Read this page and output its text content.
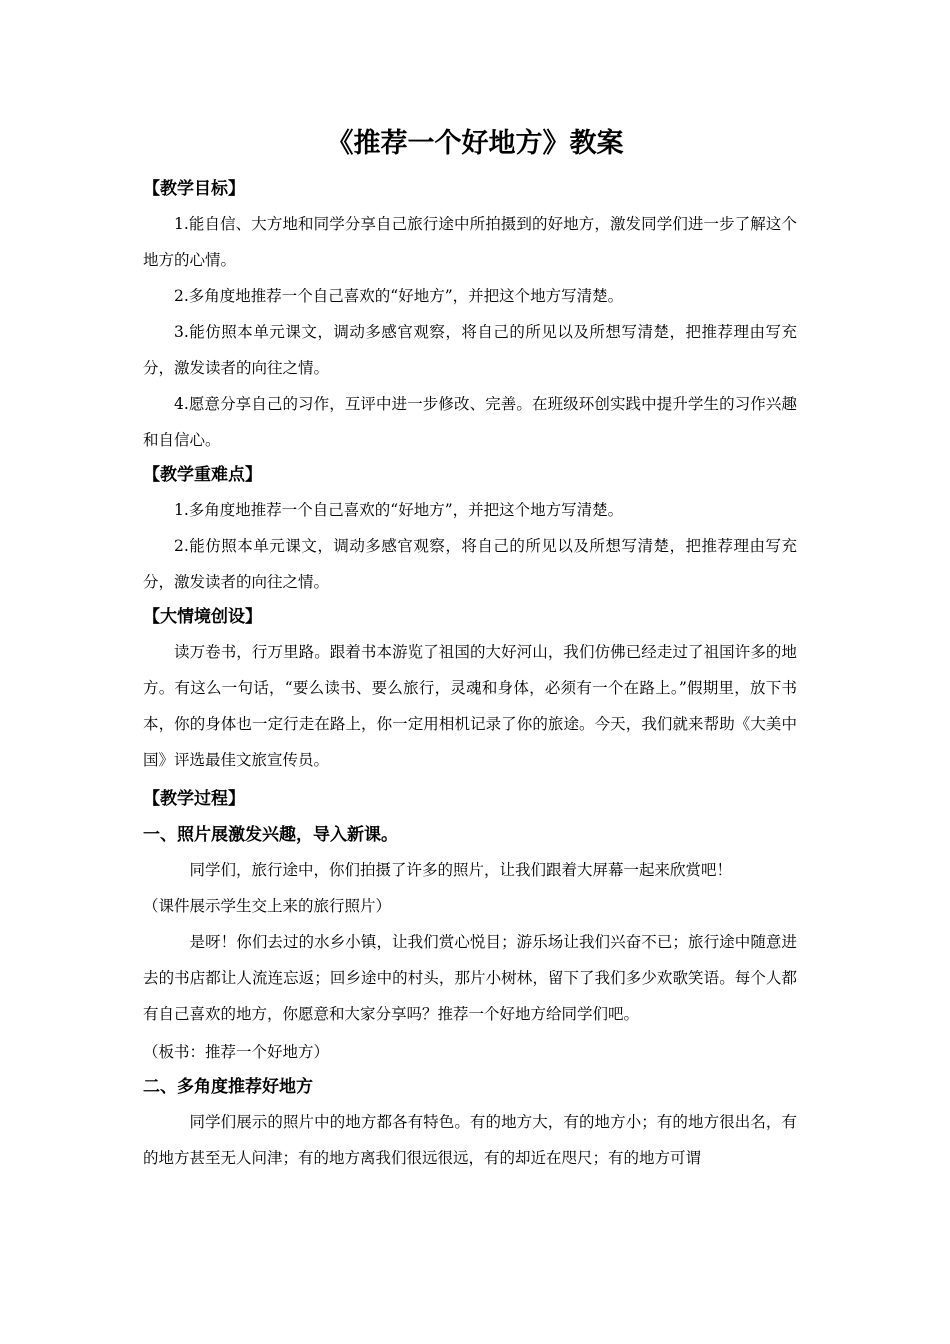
《推荐一个好地方》教案
【教学目标】

1.能自信、大方地和同学分享自己旅行途中所拍摄到的好地方，激发同学们进一步了解这个地方的心情。

2.多角度地推荐一个自己喜欢的“好地方”，并把这个地方写清楚。

3.能仿照本单元课文，调动多感官观察，将自己的所见以及所想写清楚，把推荐理由写充分，激发读者的向往之情。

4.愿意分享自己的习作，互评中进一步修改、完善。在班级环创实践中提升学生的习作兴趣和自信心。

【教学重难点】

1.多角度地推荐一个自己喜欢的“好地方”，并把这个地方写清楚。

2.能仿照本单元课文，调动多感官观察，将自己的所见以及所想写清楚，把推荐理由写充分，激发读者的向往之情。

【大情境创设】

读万卷书，行万里路。跟着书本游览了祖国的大好河山，我们仿佛已经走过了祖国许多的地方。有这么一句话，“要么读书、要么旅行，灵魂和身体，必须有一个在路上。”假期里，放下书本，你的身体也一定行走在路上，你一定用相机记录了你的旅途。今天，我们就来帮助《大美中国》评选最佳文旅宣传员。

【教学过程】
一、照片展激发兴趣，导入新课。

同学们，旅行途中，你们拍摄了许多的照片，让我们跟着大屏幕一起来欣赏吧！

（课件展示学生交上来的旅行照片）

是呀！你们去过的水乡小镇，让我们赏心悦目；游乐场让我们兴奋不已；旅行途中随意进去的书店都让人流连忘返；回乡途中的村头，那片小树林，留下了我们多少欢歌笑语。每个人都有自己喜欢的地方，你愿意和大家分享吗？推荐一个好地方给同学们吧。

（板书：推荐一个好地方）

二、多角度推荐好地方

同学们展示的照片中的地方都各有特色。有的地方大，有的地方小；有的地方很出名，有的地方甚至无人问津；有的地方离我们很远很远，有的却近在咫尺；有的地方可谓
